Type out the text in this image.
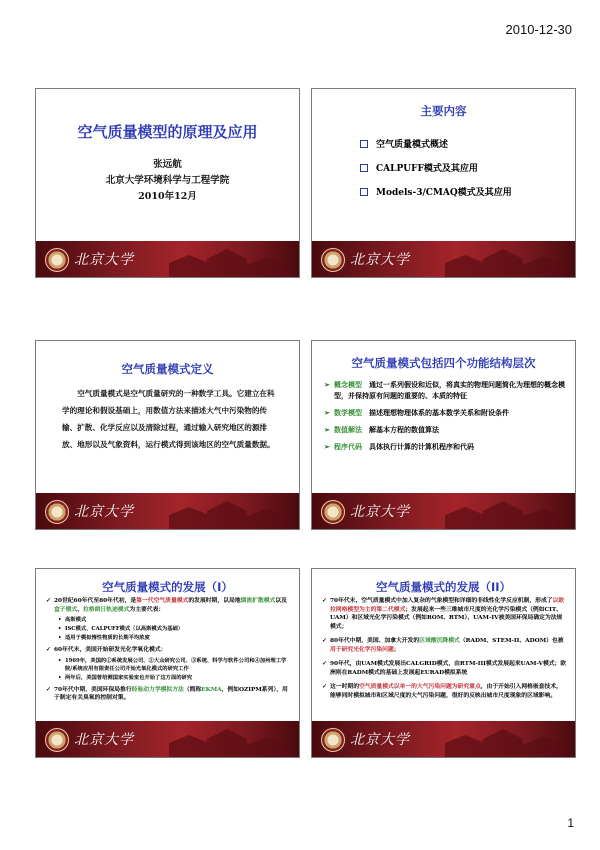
2010-12-30
空气质量模型的原理及应用
张远航
北京大学环境科学与工程学院
2010年12月
北京大学
主要内容
空气质量模式概述
CALPUFF模式及其应用
Models-3/CMAQ模式及其应用
北京大学
空气质量模式定义
空气质量模式是空气质量研究的一种数学工具。它建立在科学的理论和假设基础上，用数值方法来描述大气中污染物的传输、扩散、化学反应以及清除过程，通过输入研究地区的源排放、地形以及气象资料，运行模式得到该地区的空气质量数据。
北京大学
空气质量模式包括四个功能结构层次
➢ 概念模型　 通过一系列假设和近似，将真实的物理问题简化为理想的概念模型，并保持原有问题的重要的、本质的特征
➢ 数学模型　 描述理想物理体系的基本数学关系和附设条件
➢ 数值解法　 解基本方程的数值算法
➢ 程序代码　 具体执行计算的计算机程序和代码
北京大学
空气质量模式的发展（I）
✓ 20世纪60年代至80年代初，是第一代空气质量模式的发展时期，以局地烟流扩散模式以及盒子模式、拉格朗日轨迹模式为主要代表：
• 高斯模式
• ISC模式、CALPUFF模式（以高斯模式为基础）
• 适用于模拟惰性物质的长期平均浓度
✓ 60年代末，美国开始研发光化学氧化模式：
• 1969年，美国的①系统发展公司、②大众研究公司、③系统、科学与软件公司和④加州理工学院/系统应用有限责任公司开始光氧化模式的研究工作
• 两年后，美国曾给测国家实验室也开始了这方面的研究
✓ 70年代中期，美国环保局推行经验动力学模拟方法（简称EKMA，例如OZIPM系列），用于制定有关臭氧的控制对策。
北京大学
空气质量模式的发展（II）
✓ 70年代末，空气质量模式中加入复杂的气象模型和详细的非线性化学反应机制，形成了以欧拉网格模型为主的第二代模式；发展起来一些三维城市尺度的光化学污染模式（例如CIT、UAM）和区域光化学污染模式（例如ROM、RTM），UAM-IV被美国环保局确定为法规模式；
✓ 80年代中期，美国、加拿大开发的区域酸沉降模式（RADM、STEM-II、ADOM）也被用于研究光化学污染问题；
✓ 90年代，由UAM模式发展出CALGRID模式，由RTM-III模式发展起来UAM-V模式；欧洲则在RADM模式的基础上发展起EURAD模拟系统
✓ 这一时期的空气质量模式以单一的大气污染问题为研究重点，由于开始引入网格嵌套技术，能够同时模拟城市和区域尺度的大气污染问题，很好的反映出城市尺度现象的区域影响。
北京大学
1
